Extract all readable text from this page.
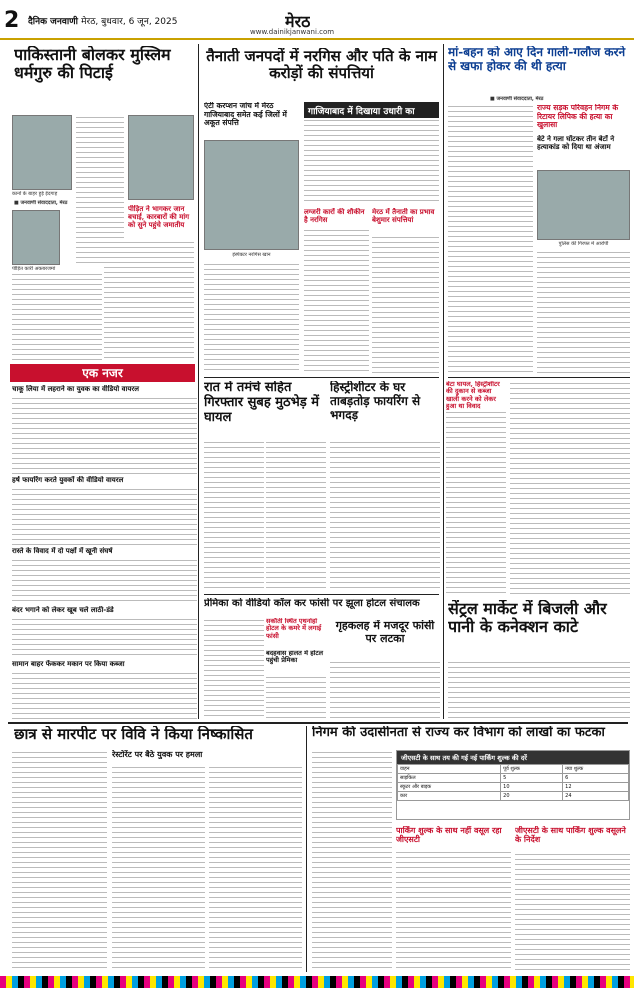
2 दैनिक जनवाणी मेरठ, बुधवार, 6 जून, 2025	मेरठ
www.dainikjanwani.com
पाकिस्तानी बोलकर मुस्लिम धर्मगुरु की पिटाई
कानों के बाहर हुई ईदगाह
■ जनवाणी संवाददाता, मेरठ
पीड़ित कारी अकबरजमां
पीड़ित ने भागकर जान बचाई, कारबारों की मांग को सुने पहुंचे जमातीय
एक नजर
चाकू लिया में लहराने का युवक का वीडियो वायरल
हर्ष फायरिंग करते युवकों की वीडियो वायरल
रास्ते के विवाद में दो पक्षों में खूनी संघर्ष
बंदर भगाने को लेकर खूब चले लाठी-डंडे
सामान बाहर फेंककर मकान पर किया कब्जा
तैनाती जनपदों में नरगिस और पति के नाम करोड़ों की संपत्तियां
एंटी करप्शन जांच में मेरठ गाजियाबाद समेत कई जिलों में अकूत संपत्ति
इंस्पेक्टर नरगिस खान
गाजियाबाद में दिखाया उधारी का
लग्जरी कारों की शौकीन है नरगिस
मेरठ में तैनाती का प्रभाव बेशुमार संपत्तियां
रात में तमंचे सहित गिरफ्तार सुबह मुठभेड़ में घायल
हिस्ट्रीशीटर के घर ताबड़तोड़ फायरिंग से भगदड़
बेटा घायल, हिस्ट्रीशीटर की दुकान से कब्जा खाली करने को लेकर हुआ था विवाद
प्रेमिका को वीडियो कॉल कर फांसी पर झूला होटल संचालक
सकौती स्थित एथनोहो होटल के कमरे में लगाई फांसी
बदहवास हालत में होटल पहुंची प्रेमिका
गृहकलह में मजदूर फांसी पर लटका
मां-बहन को आए दिन गाली-गलौज करने से खफा होकर की थी हत्या
■ जनवाणी संवाददाता, मेरठ
राज्य सड़क परिवहन निगम के रिटायर लिपिक की हत्या का खुलासा
बेटे ने गला घोंटकर तीन बेटों ने हत्याकांड को दिया था अंजाम
पुलिस की गिरफ्त में आरोपी
सेंट्रल मार्केट में बिजली और पानी के कनेक्शन काटे
छात्र से मारपीट पर विवि ने किया निष्कासित
रेस्टोरेंट पर बैठे युवक पर हमला
निगम की उदासीनता से राज्य कर विभाग को लाखों का फटका
जीएसटी के साथ तय की गई नई पार्किंग शुल्क की दरें
वाहन	पूर्व शुल्क	नया शुल्क
साइकिल	5	6
स्कूटर और बाइक	10	12
कार	20	24
पार्किंग शुल्क के साथ नहीं वसूल रहा जीएसटी
जीएसटी के साथ पार्किंग शुल्क वसूलने के निर्देश
